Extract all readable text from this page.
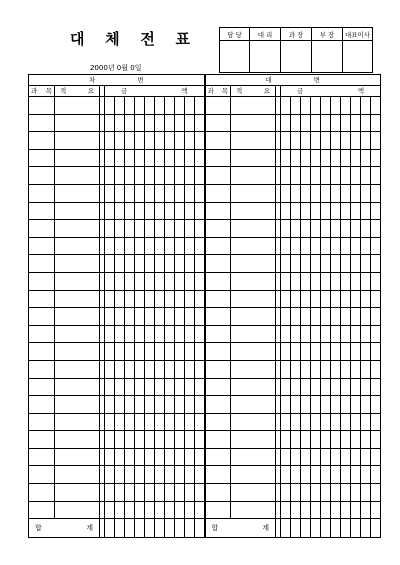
대 체 전 표
2000년 0월 0일
담 당	대 리	과 장	부 장	대표이사

차 변													대 변												

과 목	적 요		금 액										과 목	적 요		금 액									

합 계													합 계												
